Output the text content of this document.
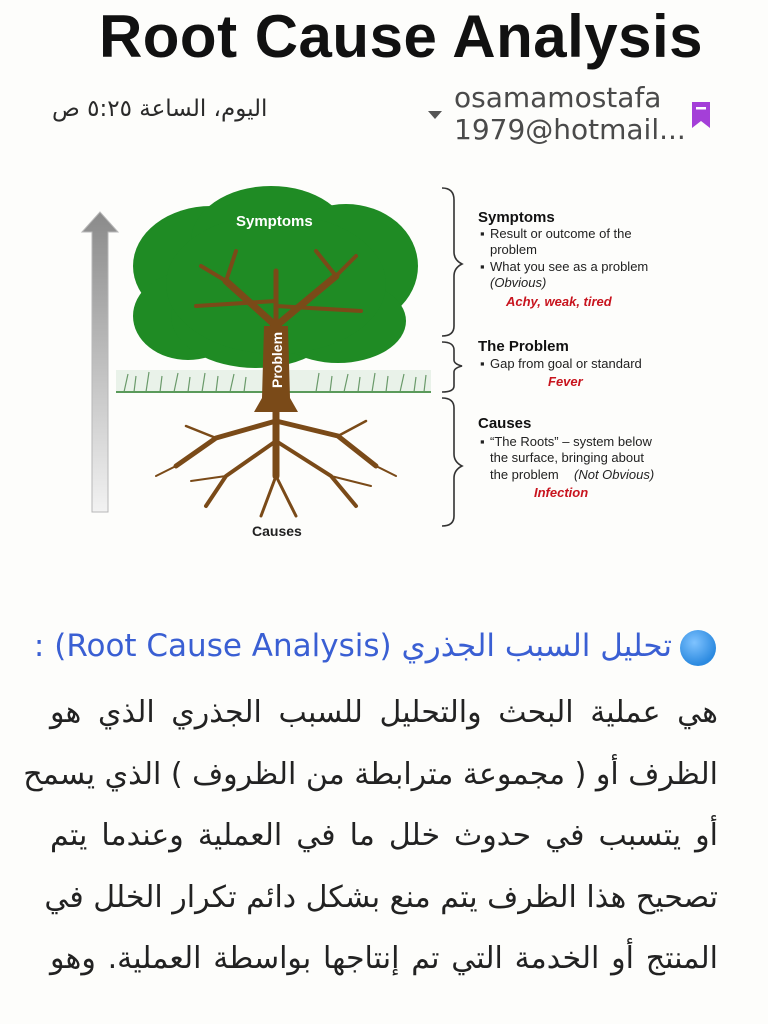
Root Cause Analysis
osamamostafa
1979@hotmail...
اليوم، الساعة ٥:٢٥ ص
Symptoms
Problem
Causes
Symptoms
▪ Result or outcome of the
problem
▪ What you see as a problem
(Obvious)
Achy, weak, tired
The Problem
▪ Gap from goal or standard
Fever
Causes
▪ “The Roots” – system below
the surface, bringing about
the problem (Not Obvious)
Infection
تحليل السبب الجذري (Root Cause Analysis) :

هي عملية البحث والتحليل للسبب الجذري الذي هو

الظرف أو ( مجموعة مترابطة من الظروف ) الذي يسمح

أو يتسبب في حدوث خلل ما في العملية وعندما يتم

تصحيح هذا الظرف يتم منع بشكل دائم تكرار الخلل في

المنتج أو الخدمة التي تم إنتاجها بواسطة العملية. وهو
